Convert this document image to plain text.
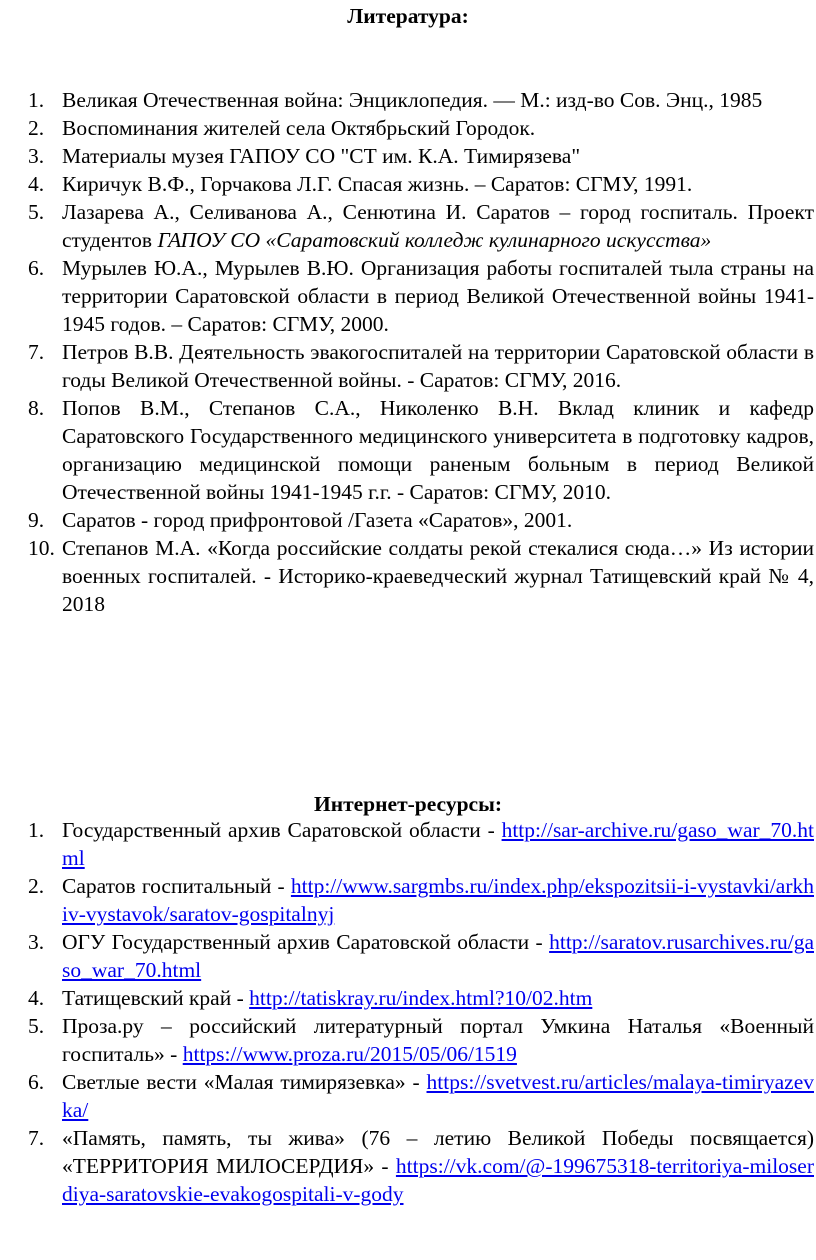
Литература:
1. Великая Отечественная война: Энциклопедия. — М.: изд-во Сов. Энц., 1985
2. Воспоминания жителей села Октябрьский Городок.
3. Материалы музея ГАПОУ СО "СТ им. К.А. Тимирязева"
4. Киричук В.Ф., Горчакова Л.Г. Спасая жизнь. – Саратов: СГМУ, 1991.
5. Лазарева А., Селиванова А., Сенютина И. Саратов – город госпиталь. Проект студентов ГАПОУ СО «Саратовский колледж кулинарного искусства»
6. Мурылев Ю.А., Мурылев В.Ю. Организация работы госпиталей тыла страны на территории Саратовской области в период Великой Отечественной войны 1941-1945 годов. – Саратов: СГМУ, 2000.
7. Петров В.В. Деятельность эвакогоспиталей на территории Саратовской области в годы Великой Отечественной войны. - Саратов: СГМУ, 2016.
8. Попов В.М., Степанов С.А., Николенко В.Н. Вклад клиник и кафедр Саратовского Государственного медицинского университета в подготовку кадров, организацию медицинской помощи раненым больным в период Великой Отечественной войны 1941-1945 г.г. - Саратов: СГМУ, 2010.
9. Саратов - город прифронтовой /Газета «Саратов», 2001.
10. Степанов М.А. «Когда российские солдаты рекой стекалися сюда…» Из истории военных госпиталей. - Историко-краеведческий журнал Татищевский край № 4, 2018
Интернет-ресурсы:
1. Государственный архив Саратовской области - http://sar-archive.ru/gaso_war_70.html
2. Саратов госпитальный - http://www.sargmbs.ru/index.php/ekspozitsii-i-vystavki/arkhiv-vystavok/saratov-gospitalnyj
3. ОГУ Государственный архив Саратовской области - http://saratov.rusarchives.ru/gaso_war_70.html
4. Татищевский край - http://tatiskray.ru/index.html?10/02.htm
5. Проза.ру – российский литературный портал Умкина Наталья «Военный госпиталь» - https://www.proza.ru/2015/05/06/1519
6. Светлые вести «Малая тимирязевка» - https://svetvest.ru/articles/malaya-timiryazevka/
7. «Память, память, ты жива» (76 – летию Великой Победы посвящается) «ТЕРРИТОРИЯ МИЛОСЕРДИЯ» - https://vk.com/@-199675318-territoriya-miloserdiya-saratovskie-evakogospitali-v-gody
